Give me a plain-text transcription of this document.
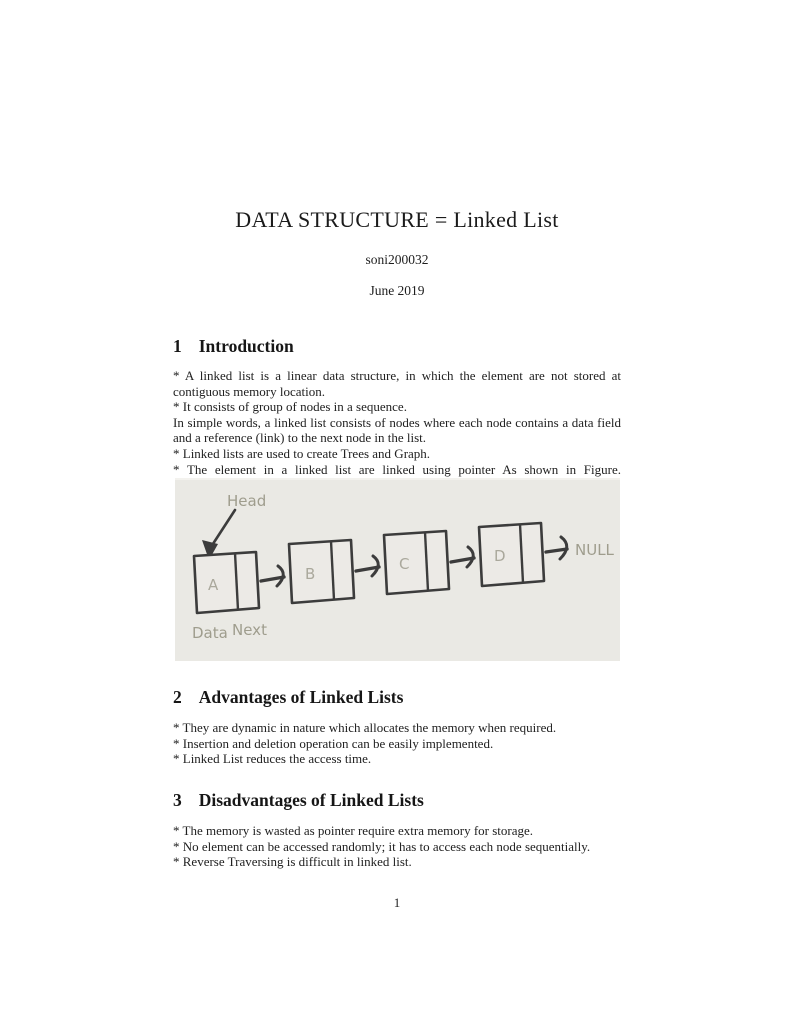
DATA STRUCTURE = Linked List
soni200032
June 2019
1 Introduction
* A linked list is a linear data structure, in which the element are not stored at contiguous memory location.
* It consists of group of nodes in a sequence.
In simple words, a linked list consists of nodes where each node contains a data field and a reference (link) to the next node in the list.
* Linked lists are used to create Trees and Graph.
* The element in a linked list are linked using pointer As shown in Figure.
Head
A
B
C	D	NULL
Data Next
2 Advantages of Linked Lists
* They are dynamic in nature which allocates the memory when required.
* Insertion and deletion operation can be easily implemented.
* Linked List reduces the access time.
3 Disadvantages of Linked Lists
* The memory is wasted as pointer require extra memory for storage.
* No element can be accessed randomly; it has to access each node sequentially.
* Reverse Traversing is difficult in linked list.
1
